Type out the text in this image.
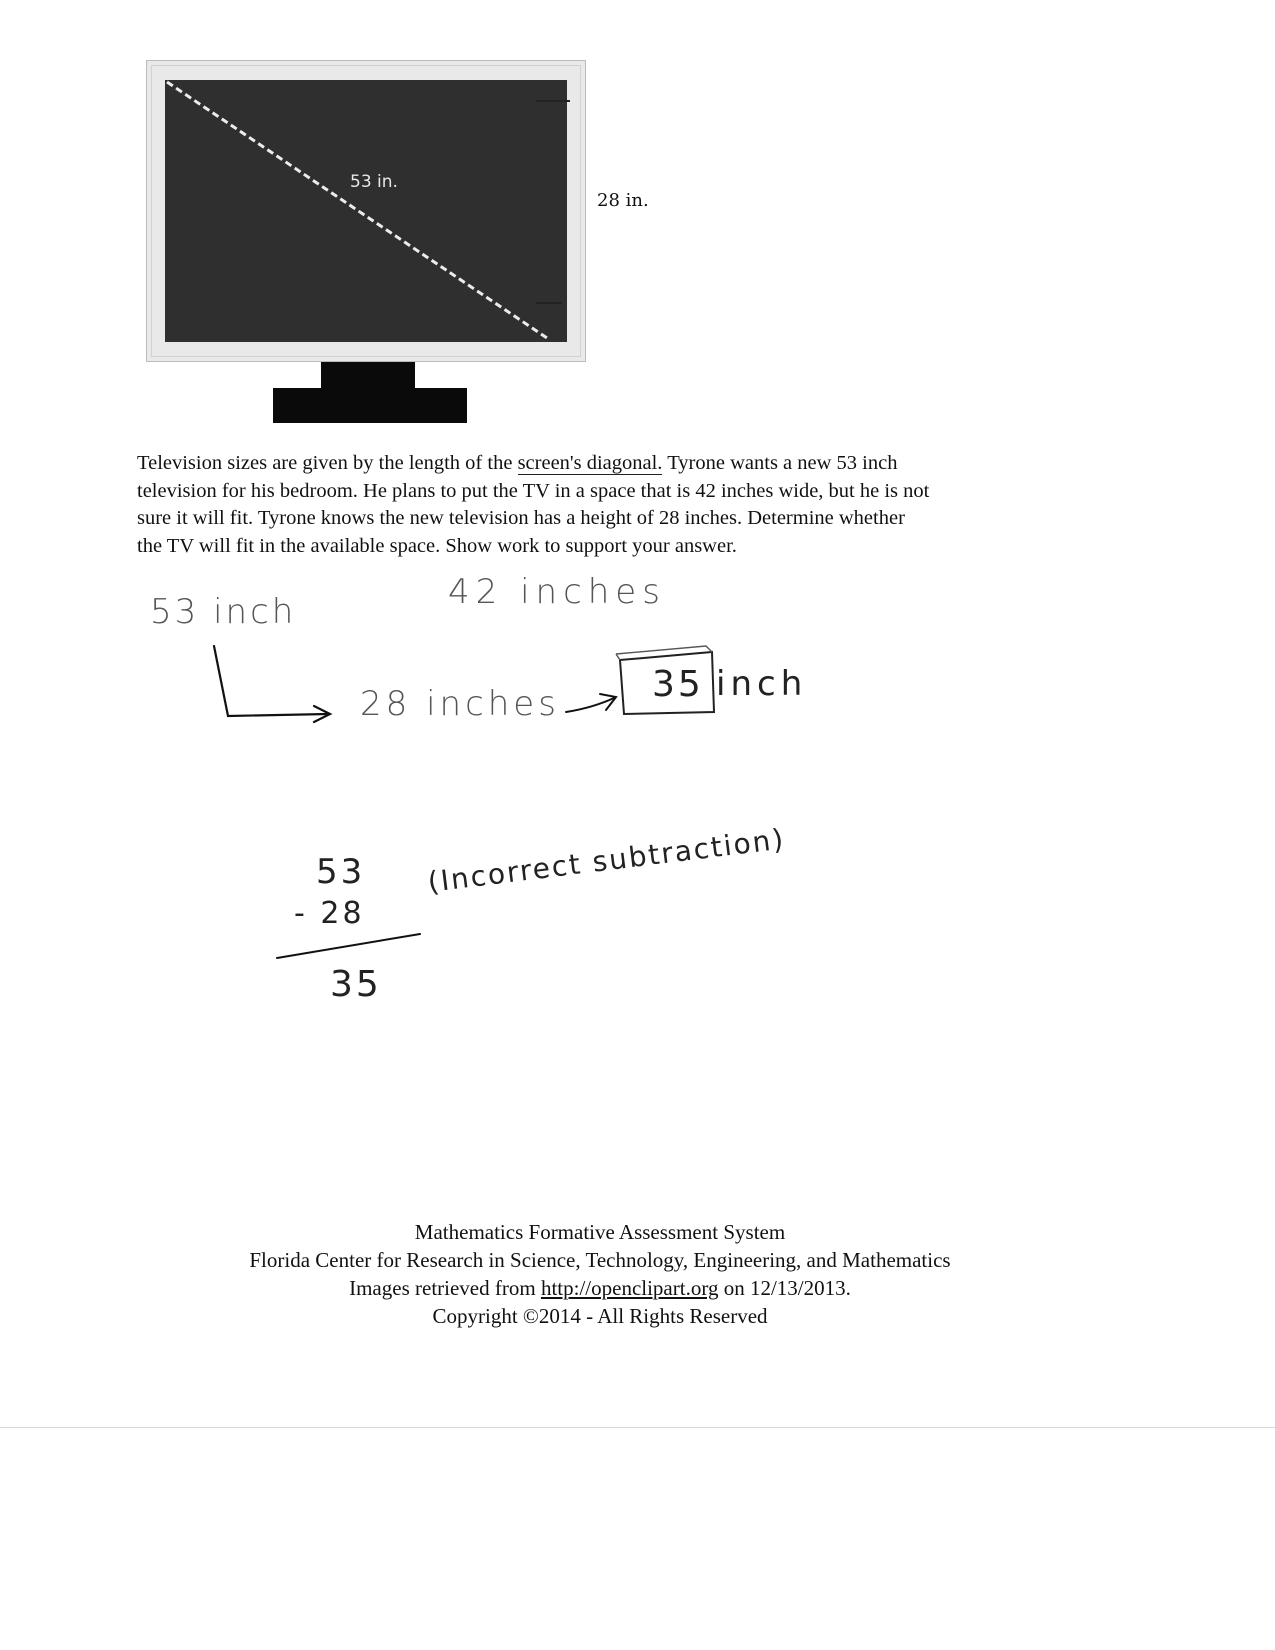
53 in.
28 in.
Television sizes are given by the length of the screen's diagonal. Tyrone wants a new 53 inch
television for his bedroom. He plans to put the TV in a space that is 42 inches wide, but he is not
sure it will fit. Tyrone knows the new television has a height of 28 inches. Determine whether
the TV will fit in the available space. Show work to support your answer.
53 inch	42 inches
28 inches	35 inch
53
- 28
35
(Incorrect subtraction)
Mathematics Formative Assessment System
Florida Center for Research in Science, Technology, Engineering, and Mathematics
Images retrieved from http://openclipart.org on 12/13/2013.
Copyright ©2014 - All Rights Reserved
